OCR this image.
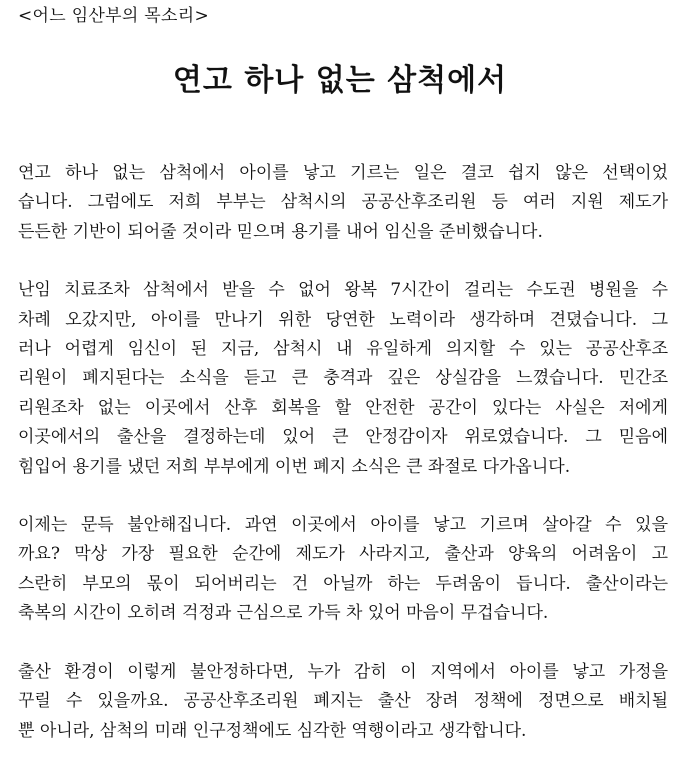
<어느 임산부의 목소리>
연고 하나 없는 삼척에서

연고 하나 없는 삼척에서 아이를 낳고 기르는 일은 결코 쉽지 않은 선택이었
습니다. 그럼에도 저희 부부는 삼척시의 공공산후조리원 등 여러 지원 제도가
든든한 기반이 되어줄 것이라 믿으며 용기를 내어 임신을 준비했습니다.

난임 치료조차 삼척에서 받을 수 없어 왕복 7시간이 걸리는 수도권 병원을 수
차례 오갔지만, 아이를 만나기 위한 당연한 노력이라 생각하며 견뎠습니다. 그
러나 어렵게 임신이 된 지금, 삼척시 내 유일하게 의지할 수 있는 공공산후조
리원이 폐지된다는 소식을 듣고 큰 충격과 깊은 상실감을 느꼈습니다. 민간조
리원조차 없는 이곳에서 산후 회복을 할 안전한 공간이 있다는 사실은 저에게
이곳에서의 출산을 결정하는데 있어 큰 안정감이자 위로였습니다. 그 믿음에
힘입어 용기를 냈던 저희 부부에게 이번 폐지 소식은 큰 좌절로 다가옵니다.

이제는 문득 불안해집니다. 과연 이곳에서 아이를 낳고 기르며 살아갈 수 있을
까요? 막상 가장 필요한 순간에 제도가 사라지고, 출산과 양육의 어려움이 고
스란히 부모의 몫이 되어버리는 건 아닐까 하는 두려움이 듭니다. 출산이라는
축복의 시간이 오히려 걱정과 근심으로 가득 차 있어 마음이 무겁습니다.

출산 환경이 이렇게 불안정하다면, 누가 감히 이 지역에서 아이를 낳고 가정을
꾸릴 수 있을까요. 공공산후조리원 폐지는 출산 장려 정책에 정면으로 배치될
뿐 아니라, 삼척의 미래 인구정책에도 심각한 역행이라고 생각합니다.
